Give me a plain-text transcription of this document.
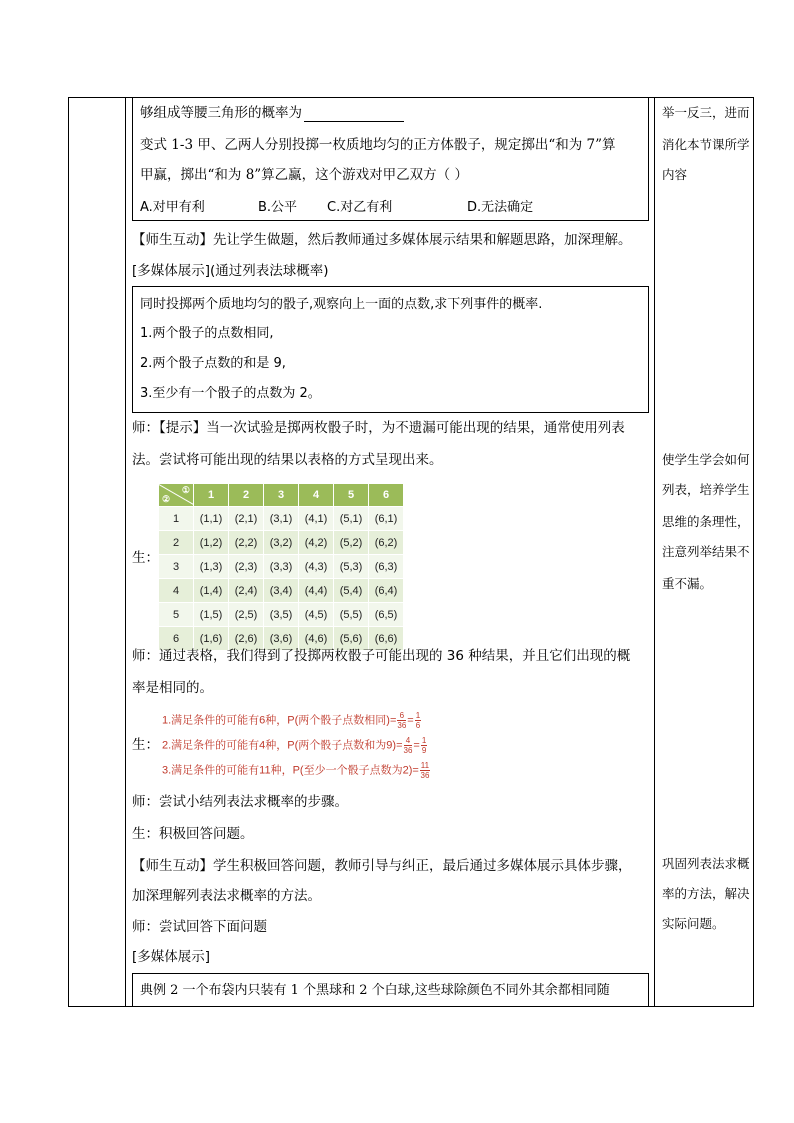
够组成等腰三角形的概率为
变式 1-3 甲、乙两人分别投掷一枚质地均匀的正方体骰子，规定掷出“和为 7”算
甲赢，掷出“和为 8”算乙赢，这个游戏对甲乙双方（ ）
A.对甲有利	B.公平 C.对乙有利	D.无法确定
【师生互动】先让学生做题，然后教师通过多媒体展示结果和解题思路，加深理解。
[多媒体展示](通过列表法球概率)
同时投掷两个质地均匀的骰子,观察向上一面的点数,求下列事件的概率.
1.两个骰子的点数相同,
2.两个骰子点数的和是 9,
3.至少有一个骰子的点数为 2。
师：【提示】当一次试验是掷两枚骰子时，为不遗漏可能出现的结果，通常使用列表
法。尝试将可能出现的结果以表格的方式呈现出来。
生：
①
②	1	2	3	4	5	6
1	(1,1)	(2,1)	(3,1)	(4,1)	(5,1)	(6,1)
2	(1,2)	(2,2)	(3,2)	(4,2)	(5,2)	(6,2)
3	(1,3)	(2,3)	(3,3)	(4,3)	(5,3)	(6,3)
4	(1,4)	(2,4)	(3,4)	(4,4)	(5,4)	(6,4)
5	(1,5)	(2,5)	(3,5)	(4,5)	(5,5)	(6,5)
6	(1,6)	(2,6)	(3,6)	(4,6)	(5,6)	(6,6)
师：通过表格，我们得到了投掷两枚骰子可能出现的 36 种结果，并且它们出现的概
率是相同的。
生：
1.满足条件的可能有6种，P(两个骰子点数相同)= $\frac{6}{36} = \frac{1}{6}$
2.满足条件的可能有4种，P(两个骰子点数和为$9)= \frac{4}{36} = \frac{1}{9}$
3.满足条件的可能有11种，P(至少一个骰子点数为$2)= \frac{11}{36}$
师：尝试小结列表法求概率的步骤。
生：积极回答问题。
【师生互动】学生积极回答问题，教师引导与纠正，最后通过多媒体展示具体步骤，
加深理解列表法求概率的方法。
师：尝试回答下面问题
[多媒体展示]
典例 2 一个布袋内只装有 1 个黑球和 2 个白球,这些球除颜色不同外其余都相同随
举一反三，进而
消化本节课所学
内容
使学生学会如何
列表，培养学生
思维的条理性，
注意列举结果不
重不漏。
巩固列表法求概
率的方法，解决
实际问题。
